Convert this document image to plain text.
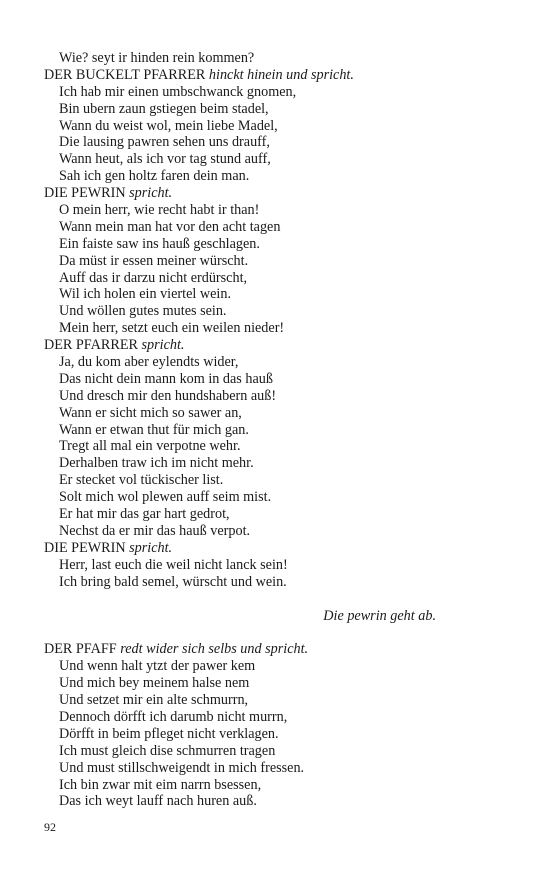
Wie? seyt ir hinden rein kommen?
DER BUCKELT PFARRER hinckt hinein und spricht.
Ich hab mir einen umbschwanck gnomen,
Bin ubern zaun gstiegen beim stadel,
Wann du weist wol, mein liebe Madel,
Die lausing pawren sehen uns drauff,
Wann heut, als ich vor tag stund auff,
Sah ich gen holtz faren dein man.
DIE PEWRIN spricht.
O mein herr, wie recht habt ir than!
Wann mein man hat vor den acht tagen
Ein faiste saw ins hauß geschlagen.
Da müst ir essen meiner würscht.
Auff das ir darzu nicht erdürscht,
Wil ich holen ein viertel wein.
Und wöllen gutes mutes sein.
Mein herr, setzt euch ein weilen nieder!
DER PFARRER spricht.
Ja, du kom aber eylendts wider,
Das nicht dein mann kom in das hauß
Und dresch mir den hundshabern auß!
Wann er sicht mich so sawer an,
Wann er etwan thut für mich gan.
Tregt all mal ein verpotne wehr.
Derhalben traw ich im nicht mehr.
Er stecket vol tückischer list.
Solt mich wol plewen auff seim mist.
Er hat mir das gar hart gedrot,
Nechst da er mir das hauß verpot.
DIE PEWRIN spricht.
Herr, last euch die weil nicht lanck sein!
Ich bring bald semel, würscht und wein.
Die pewrin geht ab.
DER PFAFF redt wider sich selbs und spricht.
Und wenn halt ytzt der pawer kem
Und mich bey meinem halse nem
Und setzet mir ein alte schmurrn,
Dennoch dörfft ich darumb nicht murrn,
Dörfft in beim pfleget nicht verklagen.
Ich must gleich dise schmurren tragen
Und must stillschweigendt in mich fressen.
Ich bin zwar mit eim narrn bsessen,
Das ich weyt lauff nach huren auß.
92
